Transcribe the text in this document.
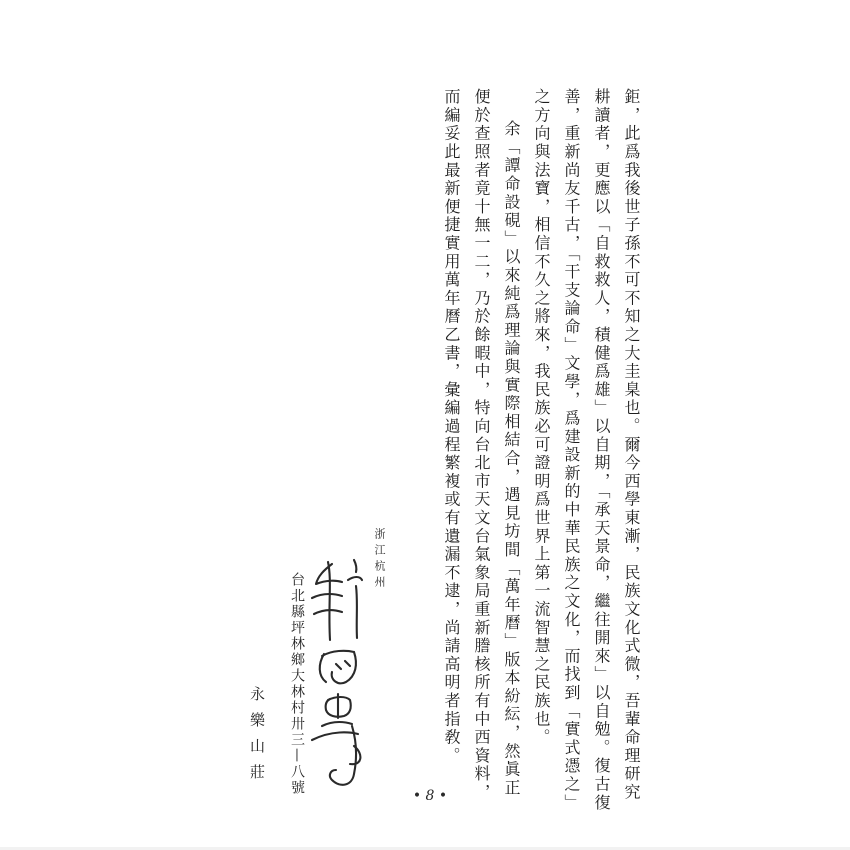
鉅，此爲我後世子孫不可不知之大圭臬也。爾今西學東漸，民族文化式微，吾輩命理研究耕讀者，更應以「自救救人，積健爲雄」以自期，「承天景命，繼往開來」以自勉。復古復善，重新尚友千古，「干支論命」文學，爲建設新的中華民族之文化，而找到「實式憑之」之方向與法寶，相信不久之將來，我民族必可證明爲世界上第一流智慧之民族也。

余「譚命設硯」以來純爲理論與實際相結合，遇見坊間「萬年曆」版本紛紜，然眞正便於查照者竟十無一二，乃於餘暇中，特向台北市天文台氣象局重新謄核所有中西資料，而編妥此最新便捷實用萬年曆乙書，彙編過程繁複或有遺漏不逮，尚請高明者指敎。

浙江杭州
台北縣坪林鄉大林村卅三—八號
永樂山莊
• 8 •
